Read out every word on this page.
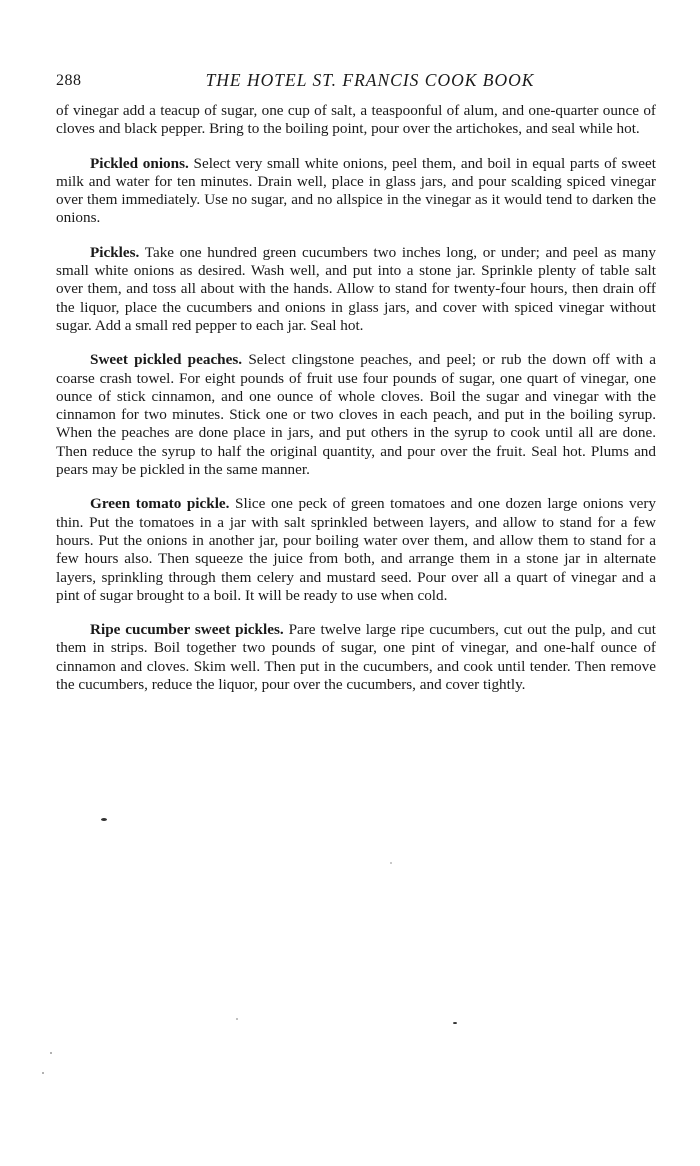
288	THE HOTEL ST. FRANCIS COOK BOOK

of vinegar add a teacup of sugar, one cup of salt, a teaspoonful of alum, and one-quarter ounce of cloves and black pepper. Bring to the boiling point, pour over the artichokes, and seal while hot.

Pickled onions. Select very small white onions, peel them, and boil in equal parts of sweet milk and water for ten minutes. Drain well, place in glass jars, and pour scalding spiced vinegar over them immediately. Use no sugar, and no allspice in the vinegar as it would tend to darken the onions.

Pickles. Take one hundred green cucumbers two inches long, or under; and peel as many small white onions as desired. Wash well, and put into a stone jar. Sprinkle plenty of table salt over them, and toss all about with the hands. Allow to stand for twenty-four hours, then drain off the liquor, place the cucumbers and onions in glass jars, and cover with spiced vinegar without sugar. Add a small red pepper to each jar. Seal hot.

Sweet pickled peaches. Select clingstone peaches, and peel; or rub the down off with a coarse crash towel. For eight pounds of fruit use four pounds of sugar, one quart of vinegar, one ounce of stick cinnamon, and one ounce of whole cloves. Boil the sugar and vinegar with the cinnamon for two minutes. Stick one or two cloves in each peach, and put in the boiling syrup. When the peaches are done place in jars, and put others in the syrup to cook until all are done. Then reduce the syrup to half the original quantity, and pour over the fruit. Seal hot. Plums and pears may be pickled in the same manner.

Green tomato pickle. Slice one peck of green tomatoes and one dozen large onions very thin. Put the tomatoes in a jar with salt sprinkled between layers, and allow to stand for a few hours. Put the onions in another jar, pour boiling water over them, and allow them to stand for a few hours also. Then squeeze the juice from both, and arrange them in a stone jar in alternate layers, sprinkling through them celery and mustard seed. Pour over all a quart of vinegar and a pint of sugar brought to a boil. It will be ready to use when cold.

Ripe cucumber sweet pickles. Pare twelve large ripe cucumbers, cut out the pulp, and cut them in strips. Boil together two pounds of sugar, one pint of vinegar, and one-half ounce of cinnamon and cloves. Skim well. Then put in the cucumbers, and cook until tender. Then remove the cucumbers, reduce the liquor, pour over the cucumbers, and cover tightly.
